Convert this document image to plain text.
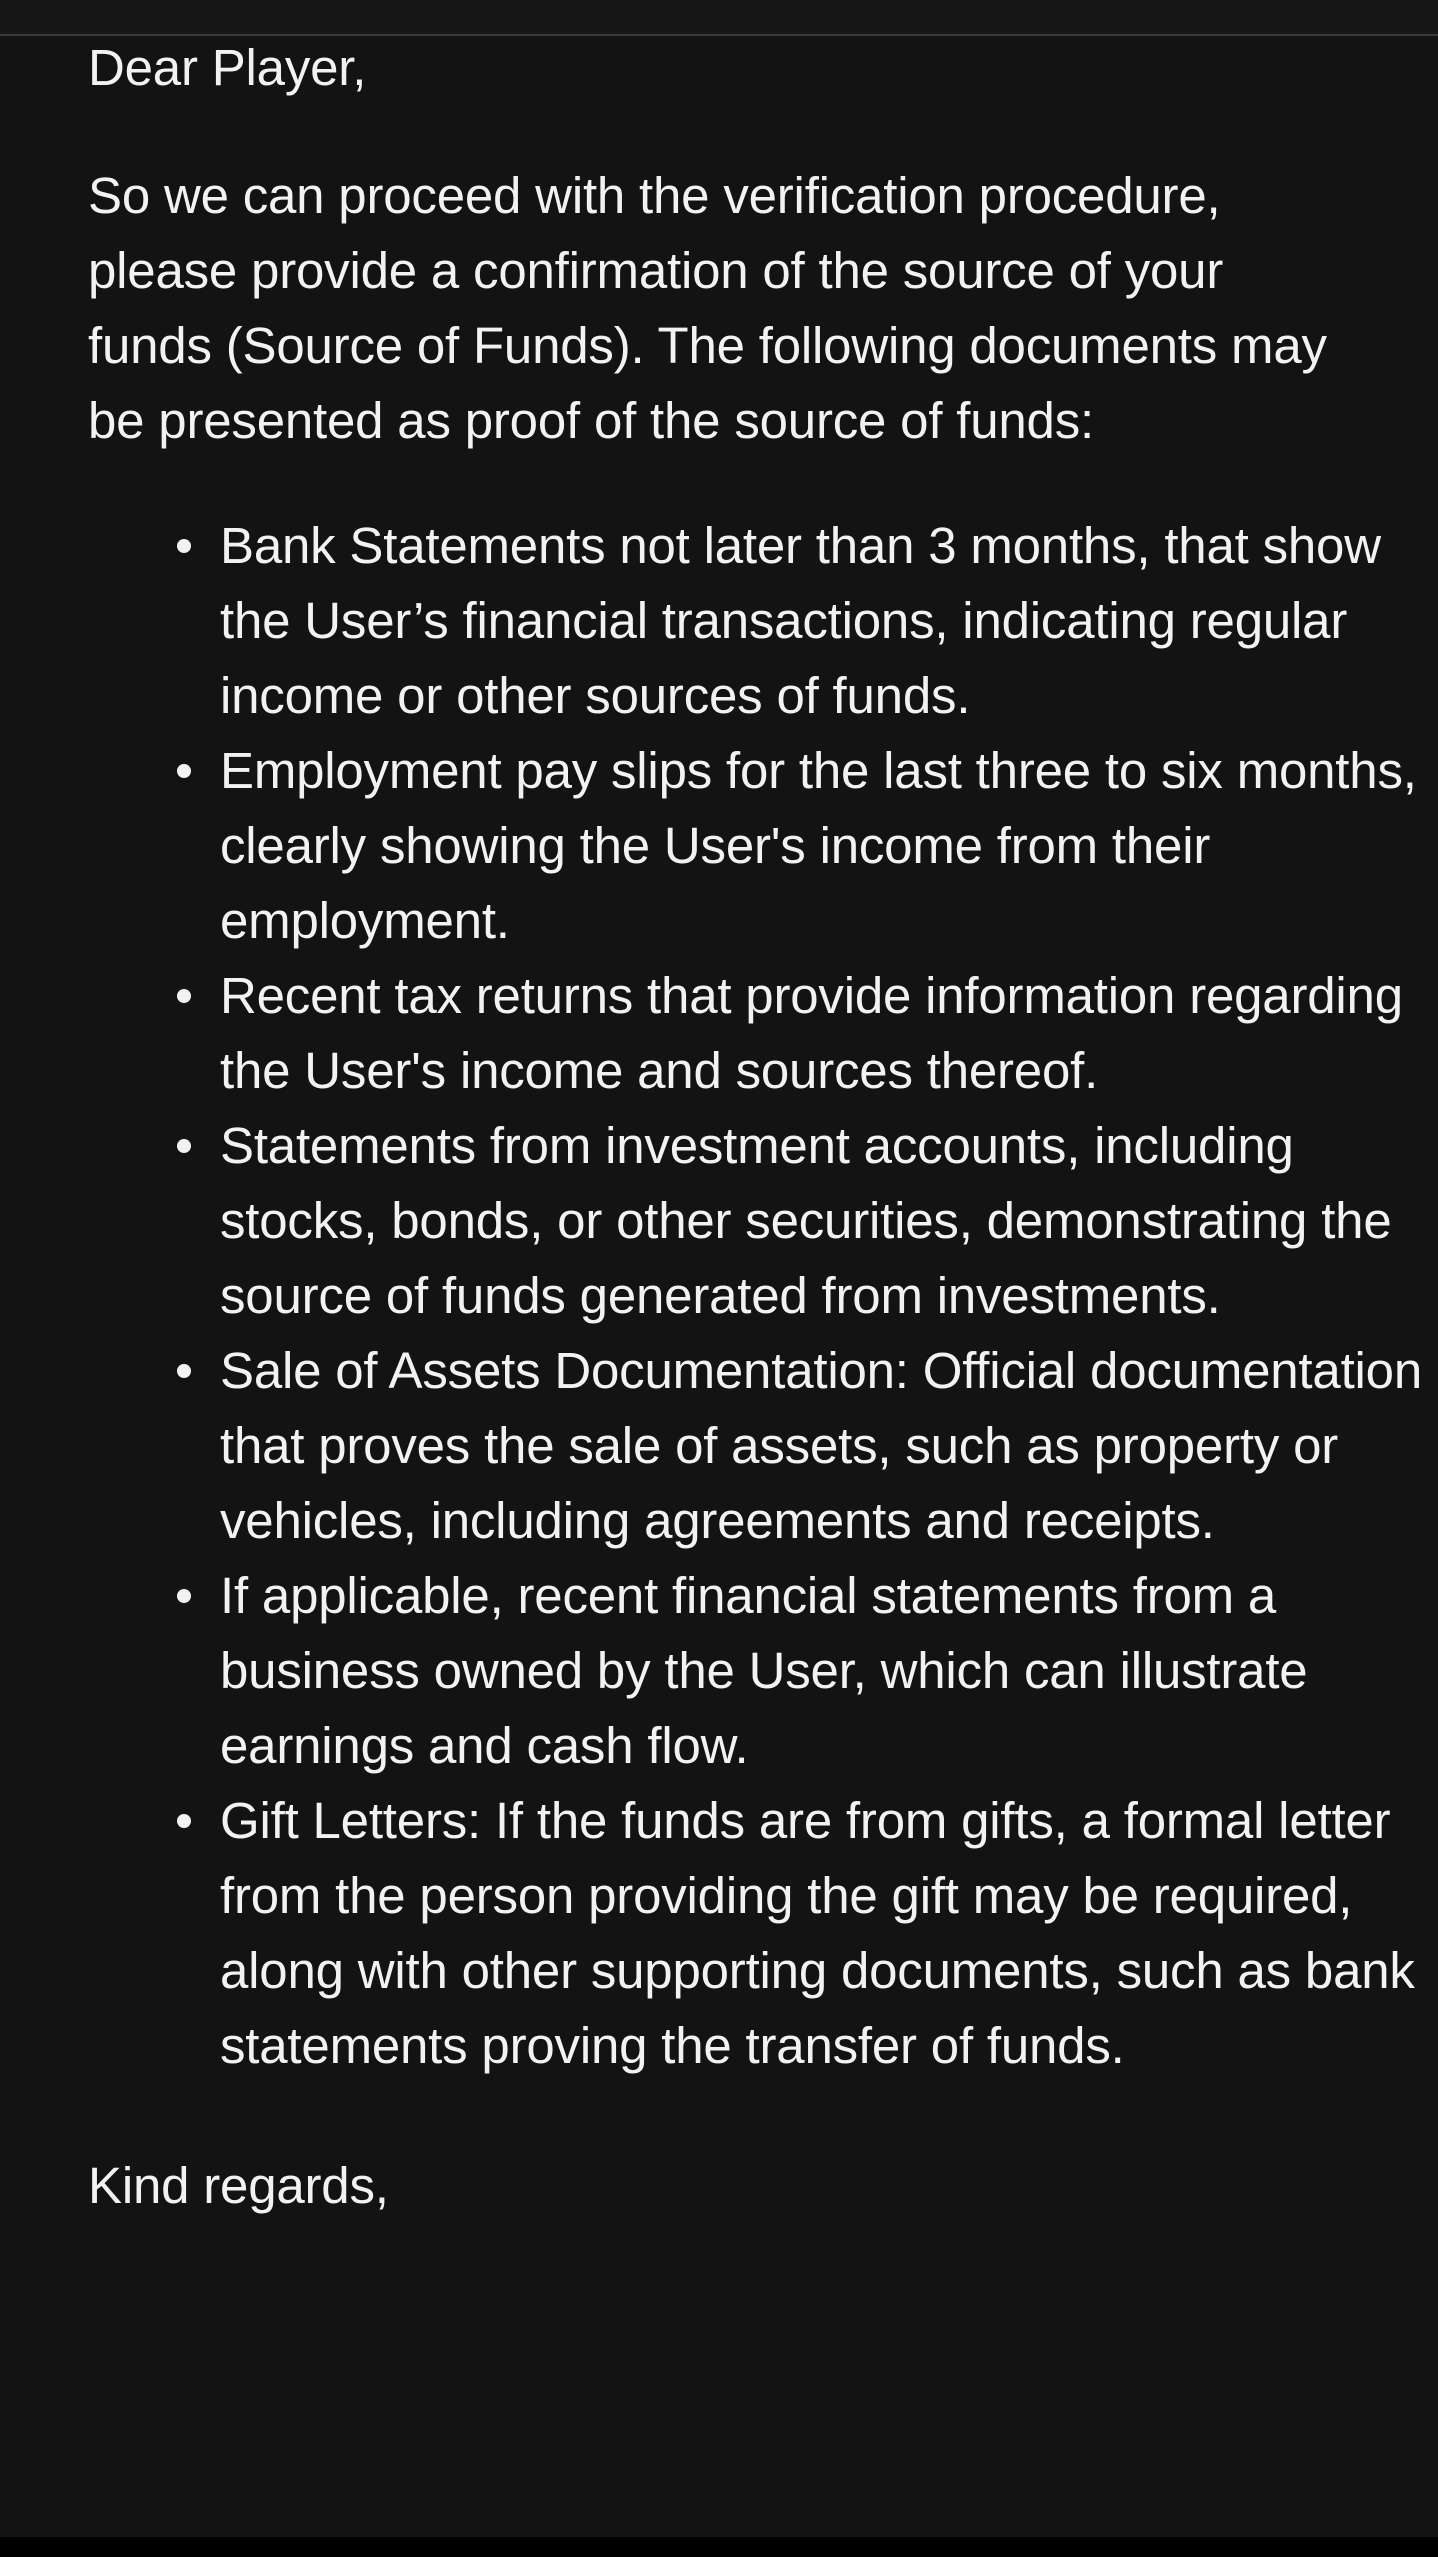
Dear Player,

So we can proceed with the verification procedure, please provide a confirmation of the source of your funds (Source of Funds). The following documents may be presented as proof of the source of funds:

Bank Statements not later than 3 months, that show the User’s financial transactions, indicating regular income or other sources of funds.
Employment pay slips for the last three to six months, clearly showing the User's income from their employment.
Recent tax returns that provide information regarding the User's income and sources thereof.
Statements from investment accounts, including stocks, bonds, or other securities, demonstrating the source of funds generated from investments.
Sale of Assets Documentation: Official documentation that proves the sale of assets, such as property or vehicles, including agreements and receipts.
If applicable, recent financial statements from a business owned by the User, which can illustrate earnings and cash flow.
Gift Letters: If the funds are from gifts, a formal letter from the person providing the gift may be required, along with other supporting documents, such as bank statements proving the transfer of funds.

Kind regards,
